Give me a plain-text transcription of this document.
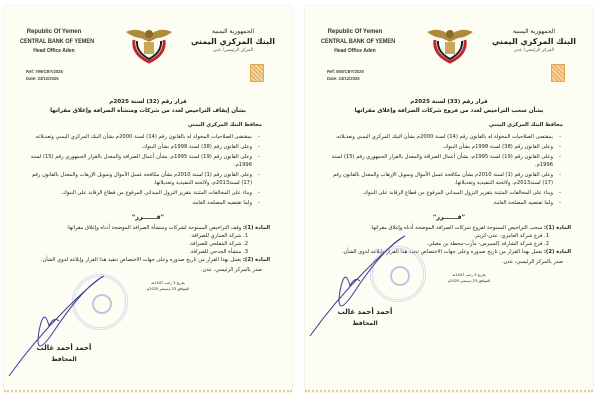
Republic Of Yemen
CENTRAL BANK OF YEMEN
Head Office Aden
Ref: 799/CBY/2025
Date: 23/12/2025
الجمهورية اليمنية
البنك المركزي اليمني
المركز الرئيسي/ عدن
قرار رقم (32) لسنة 2025م
بشأن إيقاف التراخيص لعدد من شركات ومنشأة الصرافة وإغلاق مقراتها
محافظ البنك المركزي اليمني
- بمقتضى الصلاحيات المخولة له بالقانون رقم (14) لسنة 2000م بشأن البنك المركزي اليمني وتعديلاته.
- وعلى القانون رقم (38) لسنة 1998م بشأن البنوك.
- وعلى القانون رقم (19) لسنة 1995م، بشأن أعمال الصرافة والمعدل بالقرار الجمهوري رقم (15) لسنة 1996م.
- وعلى القانون رقم (1) لسنة 2010م بشأن مكافحة غسل الأموال وتمويل الإرهاب والمعدل بالقانون رقم (17) لسنة2013م، ولائحته التنفيذية وتعديلاتها.
- وبناء على المخالفات المثبتة بتقرير النزول الميداني المرفوع من قطاع الرقابة على البنوك.
- ولما تقتضيه المصلحة العامة.
"قــــــرر"
المادة (1): وقف التراخيص الممنوحة لشركات ومنشأة الصرافة الموضحة أدناه وإغلاق مقراتها:
1. شركة العماري للصرافة.
2. شركة المفلحي للصرافة.
3. منشأة الجدحي للصرافة.
المادة (2): يعمل بهذا القرار من تاريخ صدوره وعلى جهات الاختصاص تنفيذ هذا القرار وإبلاغه لذوي الشأن.
صدر بالمركز الرئيسي، عدن.
بتاريخ 3 رجب 1447هـ
الموافق 23 ديسمبر 2025م
أحمد أحمد غالب
المحافظ
Republic Of Yemen
CENTRAL BANK OF YEMEN
Head Office Aden
Ref: 800/CBY/2025
Date: 23/12/2025
الجمهورية اليمنية
البنك المركزي اليمني
المركز الرئيسي/ عدن
قرار رقم (33) لسنة 2025م
بشأن سحب التراخيص لعدد من فروع شركات الصرافة وإغلاق مقراتها
محافظ البنك المركزي اليمني
- بمقتضى الصلاحيات المخولة له بالقانون رقم (14) لسنة 2000م بشأن البنك المركزي اليمني وتعديلاته.
- وعلى القانون رقم (38) لسنة 1998م بشأن البنوك.
- وعلى القانون رقم (19) لسنة 1995م، بشأن أعمال الصرافة والمعدل بالقرار الجمهوري رقم (15) لسنة 1996م.
- وعلى القانون رقم (1) لسنة 2010م بشأن مكافحة غسل الأموال وتمويل الإرهاب والمعدل بالقانون رقم (17) لسنة2013م، ولائحته التنفيذية وتعديلاتها.
- وبناء على المخالفات المثبتة بتقرير النزول الميداني المرفوع من قطاع الرقابة على البنوك.
- ولما تقتضيه المصلحة العامة.
"قــــــرر"
المادة (1): سحب التراخيص الممنوحة لفروع شركات الصرافة الموضحة أدناه وإغلاق مقراتها:
1. فرع شركة العامري- عدن-كريتر.
2. فرع شركة الشارقة إكسبرس- مأرب-محطة بن معيلي.
المادة (2): يعمل بهذا القرار من تاريخ صدوره وعلى جهات الاختصاص تنفيذ هذا القرار وإبلاغه لذوي الشأن.
صدر بالمركز الرئيسي، عدن.
بتاريخ 3 رجب 1447هـ
الموافق 23 ديسمبر 2025م
أحمد أحمد غالب
المحافظ
